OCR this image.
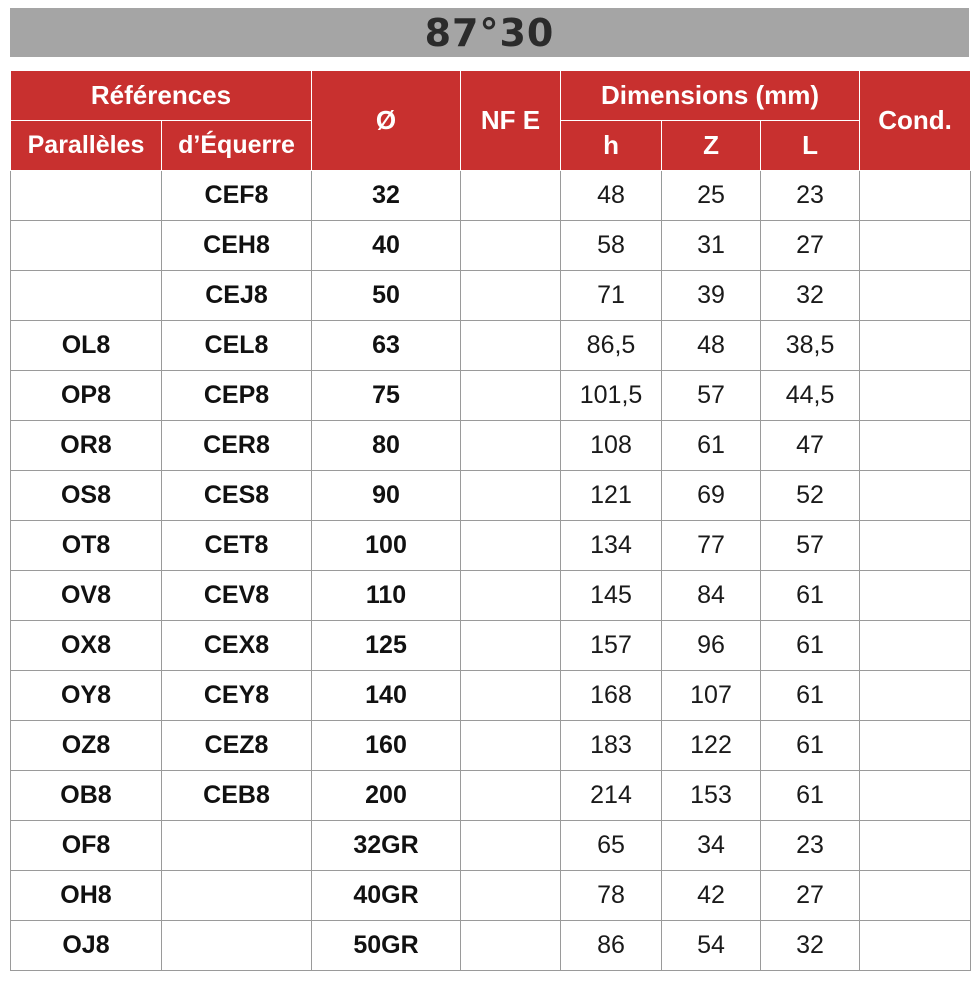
87°30
Références		Ø	NF E	Dimensions (mm)			Cond.
Parallèles	d’Équerre			h	Z	L	
	CEF8	32		48	25	23	
	CEH8	40		58	31	27	
	CEJ8	50		71	39	32	
OL8	CEL8	63		86,5	48	38,5	
OP8	CEP8	75		101,5	57	44,5	
OR8	CER8	80		108	61	47	
OS8	CES8	90		121	69	52	
OT8	CET8	100		134	77	57	
OV8	CEV8	110		145	84	61	
OX8	CEX8	125		157	96	61	
OY8	CEY8	140		168	107	61	
OZ8	CEZ8	160		183	122	61	
OB8	CEB8	200		214	153	61	
OF8		32GR		65	34	23	
OH8		40GR		78	42	27	
OJ8		50GR		86	54	32	
